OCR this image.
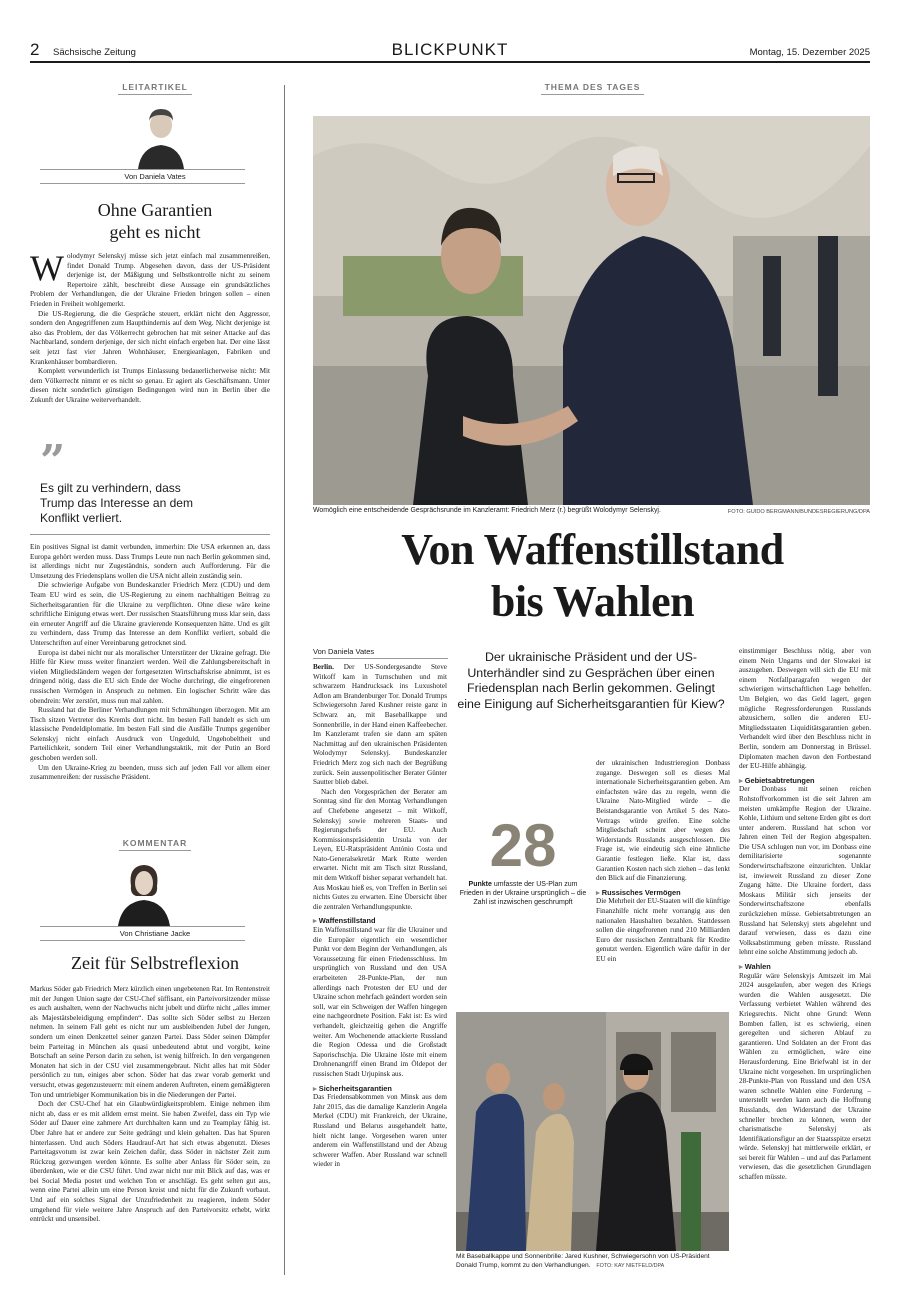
2 Sächsische Zeitung	BLICKPUNKT	Montag, 15. Dezember 2025
LEITARTIKEL
Von Daniela Vates
Ohne Garantien
geht es nicht

Wolodymyr Selenskyj müsse sich jetzt einfach mal zusammenreißen, findet Donald Trump. Abgesehen davon, dass der US-Präsident derjenige ist, der Mäßigung und Selbstkontrolle nicht zu seinem Repertoire zählt, beschreibt diese Aussage ein grundsätzliches Problem der Verhandlungen, die der Ukraine Frieden bringen sollen – einen Frieden in Freiheit wohlgemerkt.

Die US-Regierung, die die Gespräche steuert, erklärt nicht den Aggressor, sondern den Angegriffenen zum Haupthindernis auf dem Weg. Nicht derjenige ist also das Problem, der das Völkerrecht gebrochen hat mit seiner Attacke auf das Nachbarland, sondern derjenige, der sich nicht einfach ergeben hat. Der eine lässt seit jetzt fast vier Jahren Wohnhäuser, Energieanlagen, Fabriken und Krankenhäuser bombardieren.

Komplett verwunderlich ist Trumps Einlassung bedauerlicherweise nicht: Mit dem Völkerrecht nimmt er es nicht so genau. Er agiert als Geschäftsmann. Unter diesen nicht sonderlich günstigen Bedingungen wird nun in Berlin über die Zukunft der Ukraine weiterverhandelt.

”
Es gilt zu verhindern, dass Trump das Interesse an dem Konflikt verliert.

Ein positives Signal ist damit verbunden, immerhin: Die USA erkennen an, dass Europa gehört werden muss. Dass Trumps Leute nun nach Berlin gekommen sind, ist allerdings nicht nur Zugeständnis, sondern auch Aufforderung. Für die Umsetzung des Friedensplans wollen die USA nicht allein zuständig sein.

Die schwierige Aufgabe von Bundeskanzler Friedrich Merz (CDU) und dem Team EU wird es sein, die US-Regierung zu einem nachhaltigen Beitrag zu Sicherheitsgarantien für die Ukraine zu verpflichten. Ohne diese wäre keine schriftliche Einigung etwas wert. Der russischen Staatsführung muss klar sein, dass ein erneuter Angriff auf die Ukraine gravierende Konsequenzen hätte. Und es gilt zu verhindern, dass Trump das Interesse an dem Konflikt verliert, sobald die Unterschriften auf einer Vereinbarung getrocknet sind.

Europa ist dabei nicht nur als moralischer Unterstützer der Ukraine gefragt. Die Hilfe für Kiew muss weiter finanziert werden. Weil die Zahlungsbereitschaft in vielen Mitgliedsländern wegen der fortgesetzten Wirtschaftskrise abnimmt, ist es dringend nötig, dass die EU sich Ende der Woche durchringt, die eingefrorenen russischen Vermögen in Anspruch zu nehmen. Ein logischer Schritt wäre das obendrein: Wer zerstört, muss nun mal zahlen.

Russland hat die Berliner Verhandlungen mit Schmähungen überzogen. Mit am Tisch sitzen Vertreter des Kremls dort nicht. Im besten Fall handelt es sich um klassische Pendeldiplomatie. Im besten Fall sind die Ausfälle Trumps gegenüber Selenskyj nicht einfach Ausdruck von Ungeduld, Ungehobeltheit und Parteilichkeit, sondern Teil einer Verhandlungstaktik, mit der Putin an Bord geschoben werden soll.

Um den Ukraine-Krieg zu beenden, muss sich auf jeden Fall vor allem einer zusammenreißen: der russische Präsident.

KOMMENTAR
Von Christiane Jacke
Zeit für Selbstreflexion

Markus Söder gab Friedrich Merz kürzlich einen ungebetenen Rat. Im Rentenstreit mit der Jungen Union sagte der CSU-Chef süffisant, ein Parteivorsitzender müsse es auch aushalten, wenn der Nachwuchs nicht jubelt und dürfte nicht „alles immer als Majestätsbeleidigung empfinden“. Das sollte sich Söder selbst zu Herzen nehmen. In seinem Fall geht es nicht nur um ausbleibenden Jubel der Jungen, sondern um einen Denkzettel seiner ganzen Partei. Dass Söder seinen Dämpfer beim Parteitag in München als quasi unbedeutend abtut und vorgibt, keine Botschaft an seine Person darin zu sehen, ist wenig hilfreich. In den vergangenen Monaten hat sich in der CSU viel zusammengebraut. Nicht alles hat mit Söder persönlich zu tun, einiges aber schon. Söder hat das zwar vorab gemerkt und versucht, etwas gegenzusteuern: mit einem anderen Auftreten, einem gemäßigteren Ton und umtriebiger Kommunikation bis in die Niederungen der Partei.

Doch der CSU-Chef hat ein Glaubwürdigkeitsproblem. Einige nehmen ihm nicht ab, dass er es mit alldem ernst meint. Sie haben Zweifel, dass ein Typ wie Söder auf Dauer eine zahmere Art durchhalten kann und zu Teamplay fähig ist. Über Jahre hat er andere zur Seite gedrängt und klein gehalten. Das hat Spuren hinterlassen. Und auch Söders Haudrauf-Art hat sich etwas abgenutzt. Dieses Parteitagsvotum ist zwar kein Zeichen dafür, dass Söder in nächster Zeit zum Rückzug gezwungen werden könnte. Es sollte aber Anlass für Söder sein, zu überdenken, wie er die CSU führt. Und zwar nicht nur mit Blick auf das, was er bei Social Media postet und welchen Ton er anschlägt. Es geht selten gut aus, wenn eine Partei allein um eine Person kreist und nicht für die Zukunft vorbaut. Und auf ein solches Signal der Unzufriedenheit zu reagieren, indem Söder umgehend für viele weitere Jahre Anspruch auf den Parteivorsitz erhebt, wirkt entrückt und unsensibel.

THEMA DES TAGES
Womöglich eine entscheidende Gesprächsrunde im Kanzleramt: Friedrich Merz (r.) begrüßt Wolodymyr Selenskyj.	FOTO: GUIDO BERGMANN/BUNDESREGIERUNG/DPA
Von Waffenstillstand
bis Wahlen
Von Daniela Vates	Der ukrainische Präsident und der US-Unterhändler sind zu Gesprächen über einen Friedensplan nach Berlin gekommen. Gelingt eine Einigung auf Sicherheitsgarantien für Kiew?

Berlin. Der US-Sondergesandte Steve Witkoff kam in Turnschuhen und mit schwarzem Handrucksack ins Luxushotel Adlon am Brandenburger Tor. Donald Trumps Schwiegersohn Jared Kushner reiste ganz in Schwarz an, mit Baseballkappe und Sonnenbrille, in der Hand einen Kaffeebecher. Im Kanzleramt trafen sie dann am späten Nachmittag auf den ukrainischen Präsidenten Wolodymyr Selenskyj. Bundeskanzler Friedrich Merz zog sich nach der Begrüßung zurück. Sein aussenpolitischer Berater Günter Sautter blieb dabei.

Nach den Vorgesprächen der Berater am Sonntag sind für den Montag Verhandlungen auf Chefebene angesetzt – mit Witkoff, Selenskyj sowie mehreren Staats- und Regierungschefs der EU. Auch Kommissionspräsidentin Ursula von der Leyen, EU-Ratspräsident António Costa und Nato-Generalsekretär Mark Rutte werden erwartet. Nicht mit am Tisch sitzt Russland, mit dem Witkoff bisher separat verhandelt hat. Aus Moskau hieß es, von Treffen in Berlin sei nichts Gutes zu erwarten. Eine Übersicht über die zentralen Verhandlungspunkte.

▸ Waffenstillstand

Ein Waffenstillstand war für die Ukrainer und die Europäer eigentlich ein wesentlicher Punkt vor dem Beginn der Verhandlungen, als Voraussetzung für einen Friedensschluss. Im ursprünglich von Russland und den USA erarbeiteten 28-Punkte-Plan, der nun allerdings nach Protesten der EU und der Ukraine schon mehrfach geändert worden sein soll, war ein Schweigen der Waffen hingegen eine nachgeordnete Position. Fakt ist: Es wird verhandelt, gleichzeitig gehen die Angriffe weiter. Am Wochenende attackierte Russland die Region Odessa und die Großstadt Saporischschja. Die Ukraine löste mit einem Drohnenangriff einen Brand im Öldepot der russischen Stadt Urjupinsk aus.

▸ Sicherheitsgarantien

Das Friedensabkommen von Minsk aus dem Jahr 2015, das die damalige Kanzlerin Angela Merkel (CDU) mit Frankreich, der Ukraine, Russland und Belarus ausgehandelt hatte, hielt nicht lange. Vorgesehen waren unter anderem ein Waffenstillstand und der Abzug schwerer Waffen. Aber Russland war schnell wieder in

28
Punkte umfasste der US-Plan zum Frieden in der Ukraine ursprünglich – die Zahl ist inzwischen geschrumpft

der ukrainischen Industrieregion Donbass zugange. Deswegen soll es dieses Mal internationale Sicherheitsgarantien geben. Am einfachsten wäre das zu regeln, wenn die Ukraine Nato-Mitglied würde – die Beistandsgarantie von Artikel 5 des Nato-Vertrags würde greifen. Eine solche Mitgliedschaft scheint aber wegen des Widerstands Russlands ausgeschlossen. Die Frage ist, wie eindeutig sich eine ähnliche Garantie festlegen ließe. Klar ist, dass Garantien Kosten nach sich ziehen – das lenkt den Blick auf die Finanzierung.

▸ Russisches Vermögen

Die Mehrheit der EU-Staaten will die künftige Finanzhilfe nicht mehr vorrangig aus den nationalen Haushalten bezahlen. Stattdessen sollen die eingefrorenen rund 210 Milliarden Euro der russischen Zentralbank für Kredite genutzt werden. Eigentlich wäre dafür in der EU ein

Mit Baseballkappe und Sonnenbrille: Jared Kushner, Schwiegersohn von US-Präsident Donald Trump, kommt zu den Verhandlungen. FOTO: KAY NIETFELD/DPA

einstimmiger Beschluss nötig, aber von einem Nein Ungarns und der Slowakei ist auszugehen. Deswegen will sich die EU mit einem Notfallparagrafen wegen der schwierigen wirtschaftlichen Lage behelfen. Um Belgien, wo das Geld lagert, gegen mögliche Regressforderungen Russlands abzusichern, sollen die anderen EU-Mitgliedsstaaten Liquiditätsgarantien geben. Verhandelt wird über den Beschluss nicht in Berlin, sondern am Donnerstag in Brüssel. Diplomaten machen davon den Fortbestand der EU-Hilfe abhängig.

▸ Gebietsabtretungen

Der Donbass mit seinen reichen Rohstoffvorkommen ist die seit Jahren am meisten umkämpfte Region der Ukraine. Kohle, Lithium und seltene Erden gibt es dort unter anderem. Russland hat schon vor Jahren einen Teil der Region abgespalten. Die USA schlugen nun vor, im Donbass eine demilitarisierte sogenannte Sonderwirtschaftszone einzurichten. Unklar ist, inwieweit Russland zu dieser Zone Zugang hätte. Die Ukraine fordert, dass Moskaus Militär sich jenseits der Sonderwirtschaftszone ebenfalls zurückziehen müsse. Gebietsabtretungen an Russland hat Selenskyj stets abgelehnt und darauf verwiesen, dass es dazu eine Volksabstimmung geben müsste. Russland lehnt eine solche Abstimmung jedoch ab.

▸ Wahlen

Regulär wäre Selenskyjs Amtszeit im Mai 2024 ausgelaufen, aber wegen des Kriegs wurden die Wahlen ausgesetzt. Die Verfassung verbietet Wahlen während des Kriegsrechts. Nicht ohne Grund: Wenn Bomben fallen, ist es schwierig, einen geregelten und sicheren Ablauf zu garantieren. Und Soldaten an der Front das Wählen zu ermöglichen, wäre eine Herausforderung. Eine Briefwahl ist in der Ukraine nicht vorgesehen. Im ursprünglichen 28-Punkte-Plan von Russland und den USA waren schnelle Wahlen eine Forderung – unterstellt werden kann auch die Hoffnung Russlands, den Widerstand der Ukraine schneller brechen zu können, wenn der charismatische Selenskyj als Identifikationsfigur an der Staatsspitze ersetzt würde. Selenskyj hat mittlerweile erklärt, er sei bereit für Wahlen – und auf das Parlament verwiesen, das die gesetzlichen Grundlagen schaffen müsste.
